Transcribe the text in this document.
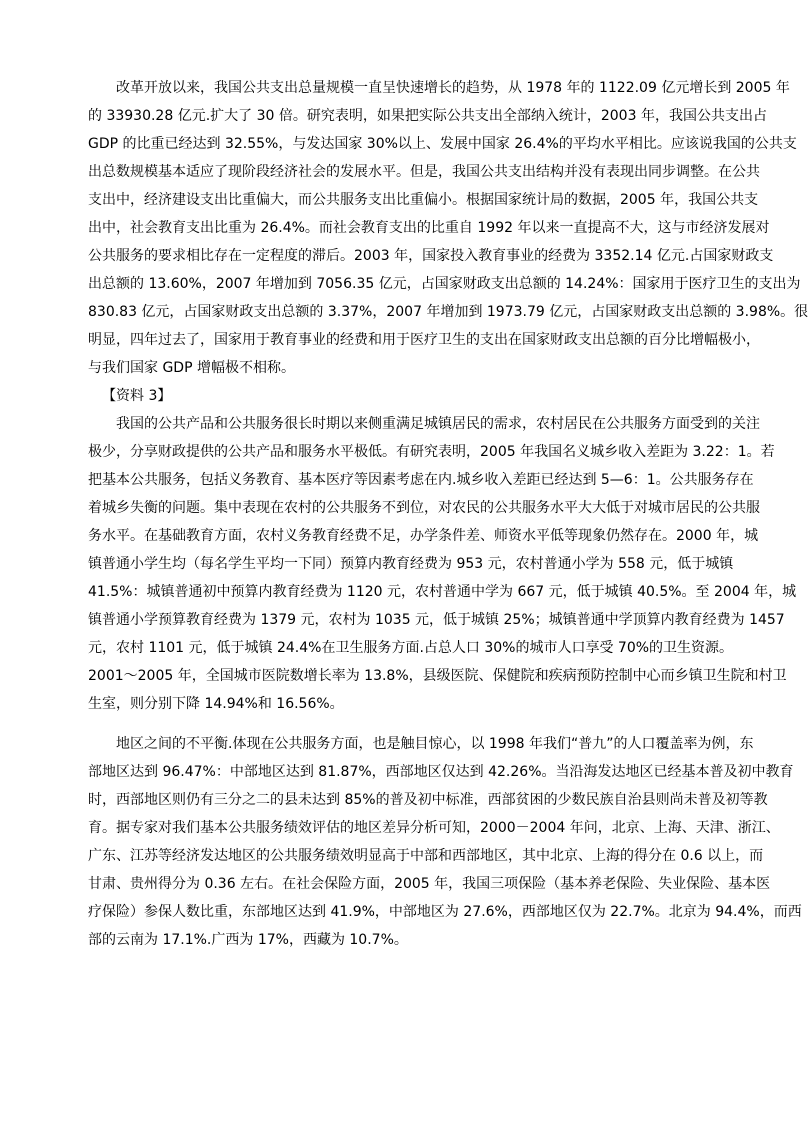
改革开放以来，我国公共支出总量规模一直呈快速增长的趋势，从 1978 年的 1122.09 亿元增长到 2005 年

的 33930.28 亿元.扩大了 30 倍。研究表明，如果把实际公共支出全部纳入统计，2003 年，我国公共支出占

GDP 的比重已经达到 32.55%，与发达国家 30%以上、发展中国家 26.4%的平均水平相比。应该说我国的公共支

出总数规模基本适应了现阶段经济社会的发展水平。但是，我国公共支出结构并没有表现出同步调整。在公共

支出中，经济建设支出比重偏大，而公共服务支出比重偏小。根据国家统计局的数据，2005 年，我国公共支

出中，社会教育支出比重为 26.4%。而社会教育支出的比重自 1992 年以来一直提高不大，这与市经济发展对

公共服务的要求相比存在一定程度的滞后。2003 年，国家投入教育事业的经费为 3352.14 亿元.占国家财政支

出总额的 13.60%，2007 年增加到 7056.35 亿元，占国家财政支出总额的 14.24%：国家用于医疗卫生的支出为

830.83 亿元，占国家财政支出总额的 3.37%，2007 年增加到 1973.79 亿元，占国家财政支出总额的 3.98%。很

明显，四年过去了，国家用于教育事业的经费和用于医疗卫生的支出在国家财政支出总额的百分比增幅极小，

与我们国家 GDP 增幅极不相称。

【资料 3】

我国的公共产品和公共服务很长时期以来侧重满足城镇居民的需求，农村居民在公共服务方面受到的关注

极少，分享财政提供的公共产品和服务水平极低。有研究表明，2005 年我国名义城乡收入差距为 3.22：1。若

把基本公共服务，包括义务教育、基本医疗等因素考虑在内.城乡收入差距已经达到 5—6：1。公共服务存在

着城乡失衡的问题。集中表现在农村的公共服务不到位，对农民的公共服务水平大大低于对城市居民的公共服

务水平。在基础教育方面，农村义务教育经费不足，办学条件差、师资水平低等现象仍然存在。2000 年，城

镇普通小学生均（每名学生平均一下同）预算内教育经费为 953 元，农村普通小学为 558 元，低于城镇

41.5%：城镇普通初中预算内教育经费为 1120 元，农村普通中学为 667 元，低于城镇 40.5%。至 2004 年，城

镇普通小学预算教育经费为 1379 元，农村为 1035 元，低于城镇 25%；城镇普通中学顶算内教育经费为 1457

元，农村 1101 元，低于城镇 24.4%在卫生服务方面.占总人口 30%的城市人口享受 70%的卫生资源。

2001～2005 年，全国城市医院数增长率为 13.8%，县级医院、保健院和疾病预防控制中心而乡镇卫生院和村卫

生室，则分别下降 14.94%和 16.56%。

地区之间的不平衡.体现在公共服务方面，也是触目惊心，以 1998 年我们“普九”的人口覆盖率为例，东

部地区达到 96.47%：中部地区达到 81.87%，西部地区仅达到 42.26%。当沿海发达地区已经基本普及初中教育

时，西部地区则仍有三分之二的县未达到 85%的普及初中标准，西部贫困的少数民族自治县则尚未普及初等教

育。据专家对我们基本公共服务绩效评估的地区差异分析可知，2000－2004 年问，北京、上海、天津、浙江、

广东、江苏等经济发达地区的公共服务绩效明显高于中部和西部地区，其中北京、上海的得分在 0.6 以上，而

甘肃、贵州得分为 0.36 左右。在社会保险方面，2005 年，我国三项保险（基本养老保险、失业保险、基本医

疗保险）参保人数比重，东部地区达到 41.9%，中部地区为 27.6%，西部地区仅为 22.7%。北京为 94.4%，而西

部的云南为 17.1%.广西为 17%，西藏为 10.7%。
